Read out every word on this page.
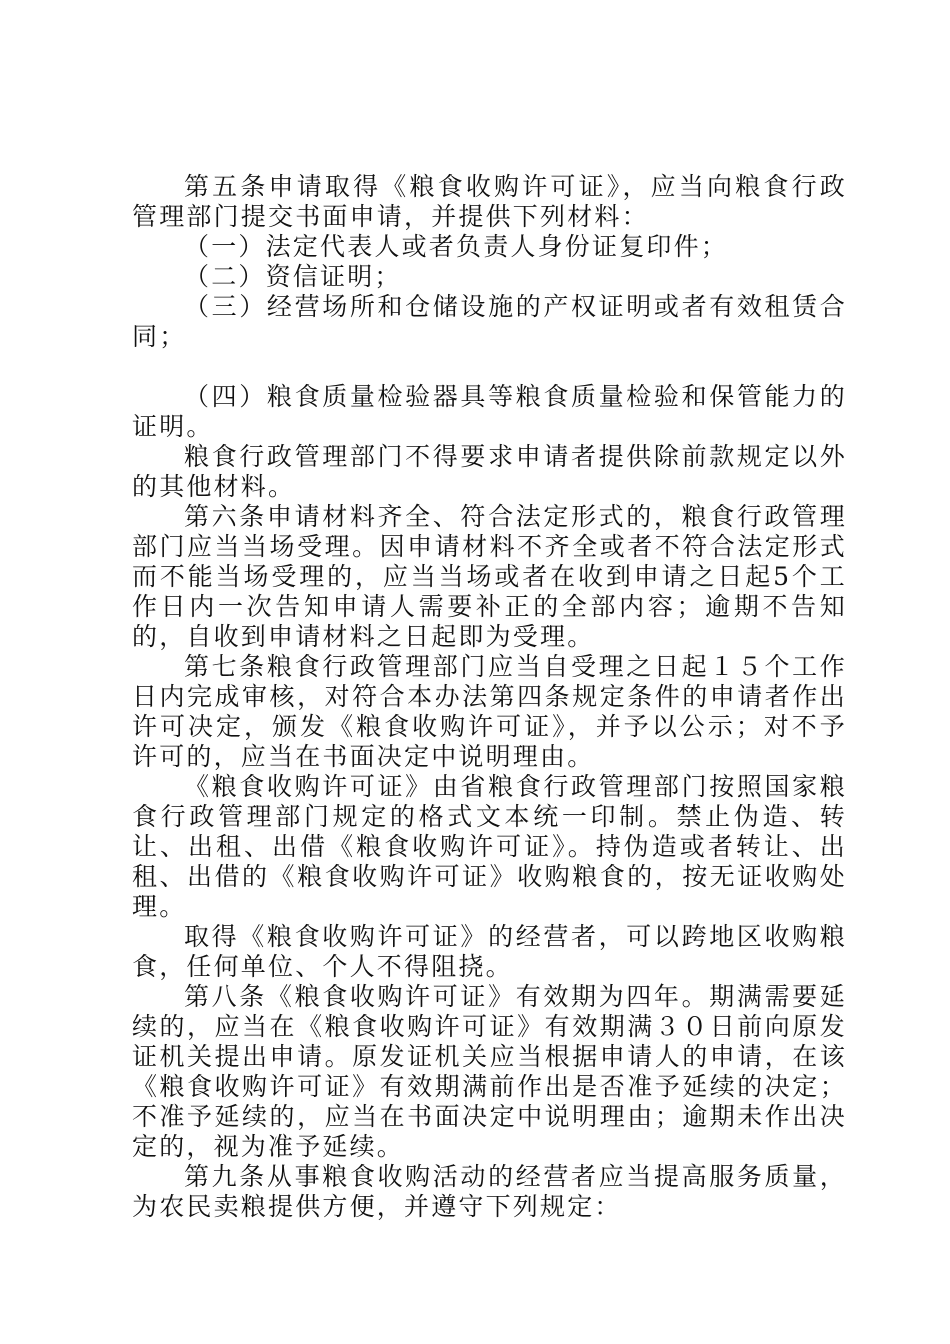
第五条申请取得《粮食收购许可证》，应当向粮食行政管理部门提交书面申请，并提供下列材料：

（一）法定代表人或者负责人身份证复印件；

（二）资信证明；

（三）经营场所和仓储设施的产权证明或者有效租赁合同；

（四）粮食质量检验器具等粮食质量检验和保管能力的证明。

粮食行政管理部门不得要求申请者提供除前款规定以外的其他材料。

第六条申请材料齐全、符合法定形式的，粮食行政管理部门应当当场受理。因申请材料不齐全或者不符合法定形式而不能当场受理的，应当当场或者在收到申请之日起5个工作日内一次告知申请人需要补正的全部内容；逾期不告知的，自收到申请材料之日起即为受理。

第七条粮食行政管理部门应当自受理之日起１５个工作日内完成审核，对符合本办法第四条规定条件的申请者作出许可决定，颁发《粮食收购许可证》，并予以公示；对不予许可的，应当在书面决定中说明理由。

《粮食收购许可证》由省粮食行政管理部门按照国家粮食行政管理部门规定的格式文本统一印制。禁止伪造、转让、出租、出借《粮食收购许可证》。持伪造或者转让、出租、出借的《粮食收购许可证》收购粮食的，按无证收购处理。

取得《粮食收购许可证》的经营者，可以跨地区收购粮食，任何单位、个人不得阻挠。

第八条《粮食收购许可证》有效期为四年。期满需要延续的，应当在《粮食收购许可证》有效期满３０日前向原发证机关提出申请。原发证机关应当根据申请人的申请，在该《粮食收购许可证》有效期满前作出是否准予延续的决定；不准予延续的，应当在书面决定中说明理由；逾期未作出决定的，视为准予延续。

第九条从事粮食收购活动的经营者应当提高服务质量，为农民卖粮提供方便，并遵守下列规定：
